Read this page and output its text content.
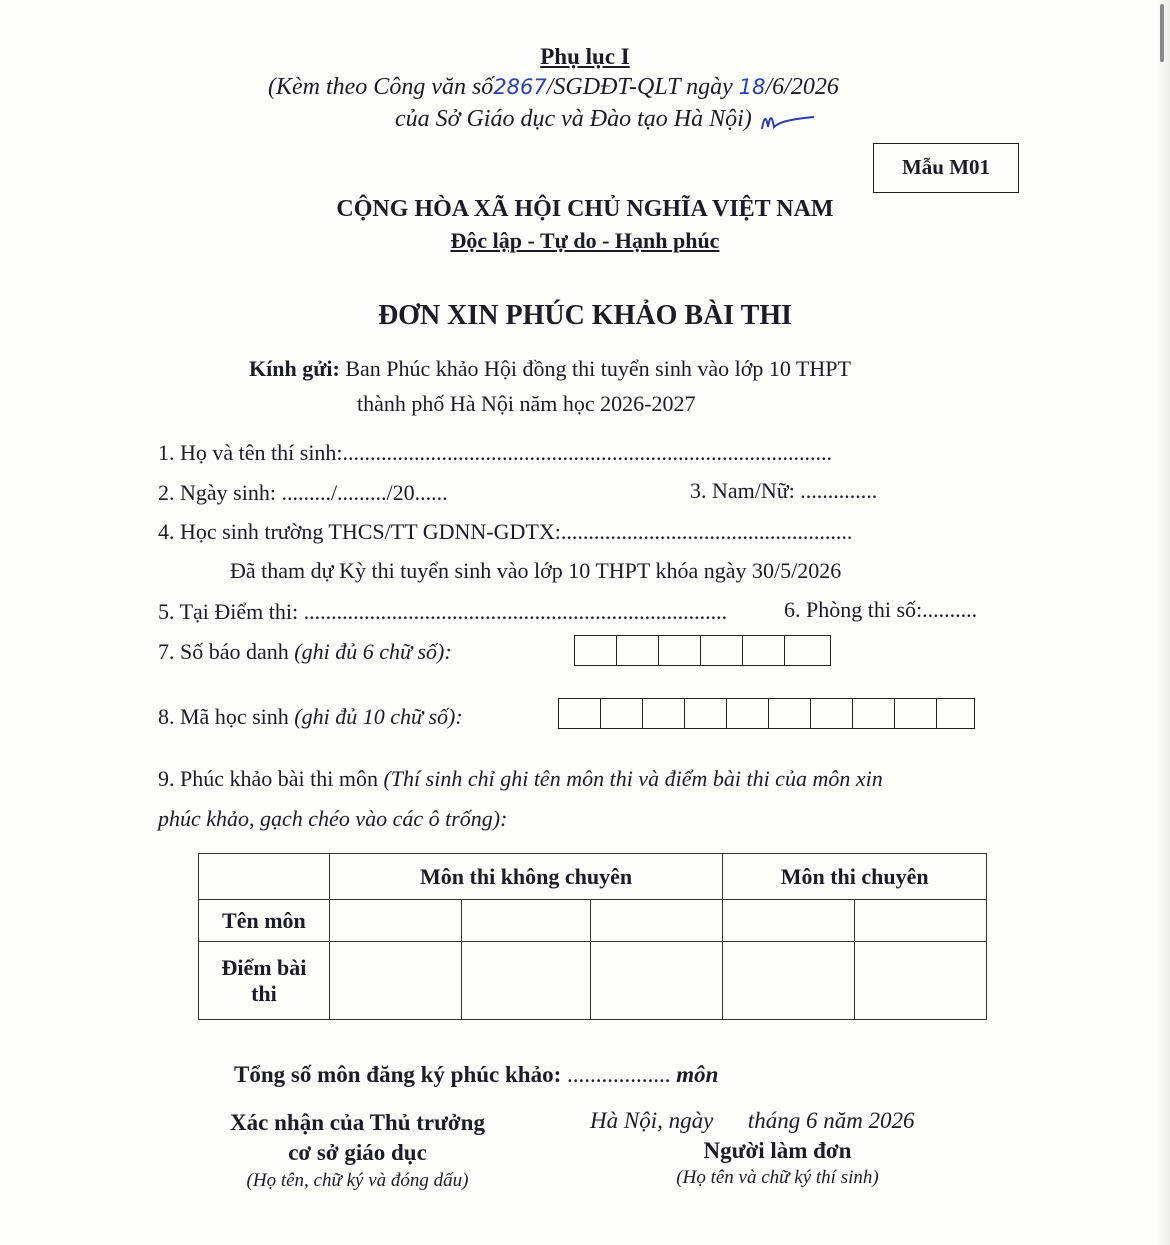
Phụ lục I
(Kèm theo Công văn số2867/SGDĐT-QLT ngày 18/6/2026
của Sở Giáo dục và Đào tạo Hà Nội)
Mẫu M01
CỘNG HÒA XÃ HỘI CHỦ NGHĨA VIỆT NAM
Độc lập - Tự do - Hạnh phúc
ĐƠN XIN PHÚC KHẢO BÀI THI
Kính gửi: Ban Phúc khảo Hội đồng thi tuyển sinh vào lớp 10 THPT
thành phố Hà Nội năm học 2026-2027
1. Họ và tên thí sinh:.........................................................................................
2. Ngày sinh: ........./........./20......	3. Nam/Nữ: ..............
4. Học sinh trường THCS/TT GDNN-GDTX:.....................................................
Đã tham dự Kỳ thi tuyển sinh vào lớp 10 THPT khóa ngày 30/5/2026
5. Tại Điểm thi: .............................................................................	6. Phòng thi số:..........
7. Số báo danh (ghi đủ 6 chữ số):
8. Mã học sinh (ghi đủ 10 chữ số):
9. Phúc khảo bài thi môn (Thí sinh chỉ ghi tên môn thi và điểm bài thi của môn xin
phúc khảo, gạch chéo vào các ô trống):
	Môn thi không chuyên			Môn thi chuyên	
Tên môn					
Điểm bài
thi					
Tổng số môn đăng ký phúc khảo: .................. môn
Xác nhận của Thủ trưởng
cơ sở giáo dục
(Họ tên, chữ ký và đóng dấu)
Hà Nội, ngày      tháng 6 năm 2026
Người làm đơn
(Họ tên và chữ ký thí sinh)
